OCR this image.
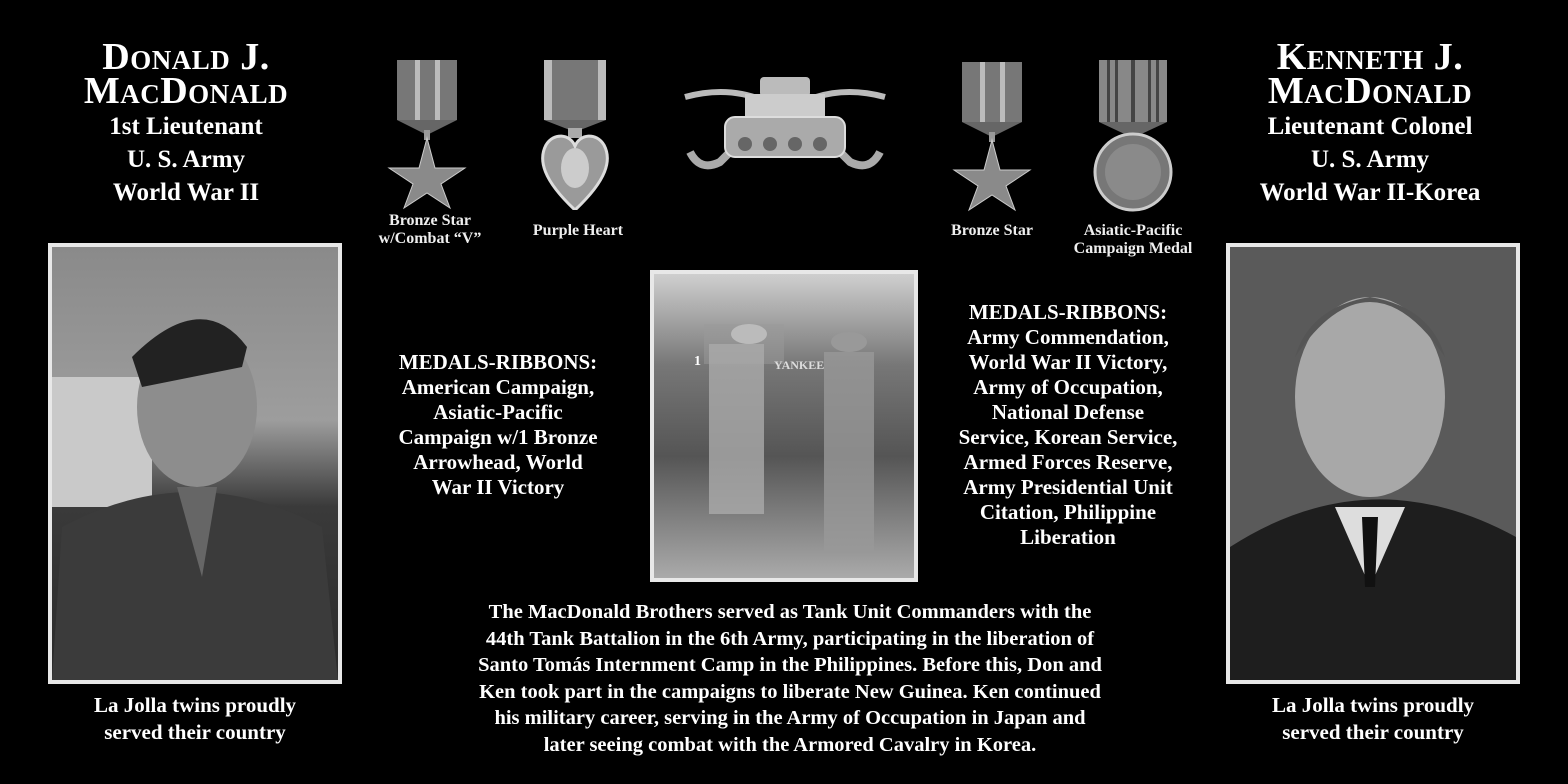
Donald J.
MacDonald
1st Lieutenant
U. S. Army
World War II
Kenneth J.
MacDonald
Lieutenant Colonel
U. S. Army
World War II-Korea
Bronze Star
w/Combat “V”	Purple Heart	Bronze Star	Asiatic-Pacific
Campaign Medal
1	YANKEE
La Jolla twins proudly
served their country
La Jolla twins proudly
served their country
MEDALS-RIBBONS:
American Campaign,
Asiatic-Pacific
Campaign w/1 Bronze
Arrowhead, World
War II Victory
MEDALS-RIBBONS:
Army Commendation,
World War II Victory,
Army of Occupation,
National Defense
Service, Korean Service,
Armed Forces Reserve,
Army Presidential Unit
Citation, Philippine
Liberation
The MacDonald Brothers served as Tank Unit Commanders with the
44th Tank Battalion in the 6th Army, participating in the liberation of
Santo Tomás Internment Camp in the Philippines. Before this, Don and
Ken took part in the campaigns to liberate New Guinea. Ken continued
his military career, serving in the Army of Occupation in Japan and
later seeing combat with the Armored Cavalry in Korea.
